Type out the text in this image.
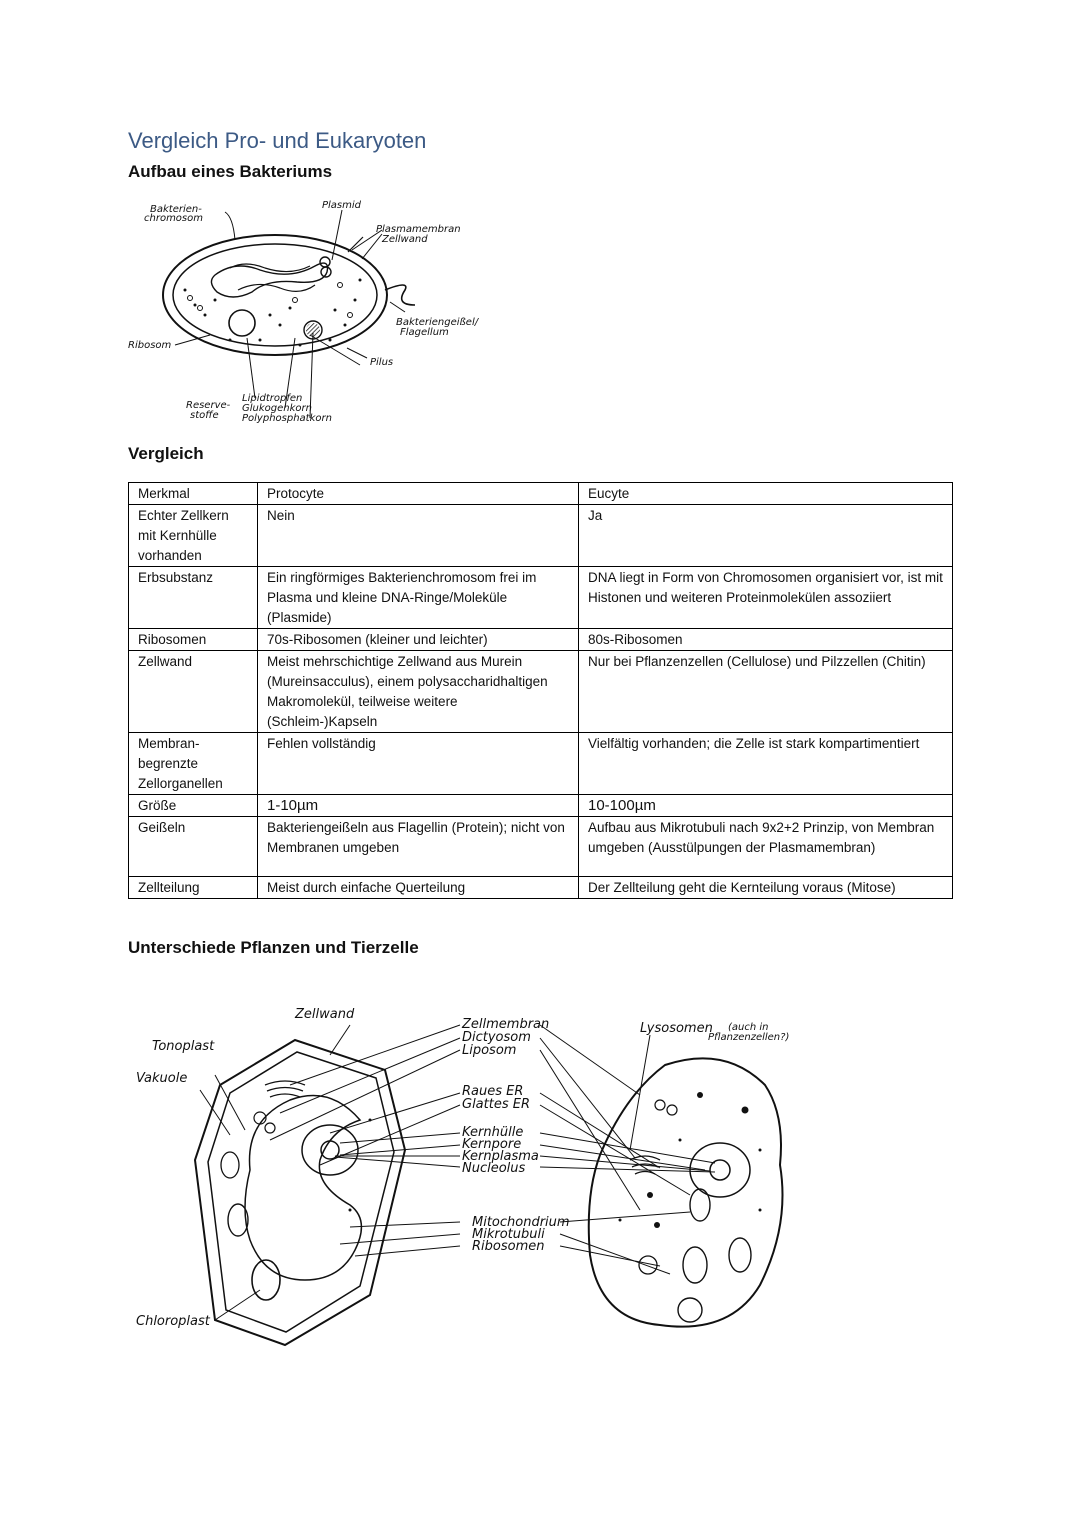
Vergleich Pro- und Eukaryoten
Aufbau eines Bakteriums
Bakterien-
chromosom
Plasmid
Plasmamembran
Zellwand
Bakteriengeißel/
Flagellum
Ribosom
Pilus
Reserve-
stoffe
Lipidtropfen
Glukogenkorn
Polyphosphatkorn
Vergleich
Merkmal	Protocyte	Eucyte
Echter Zellkern mit Kernhülle vorhanden	Nein	Ja
Erbsubstanz	Ein ringförmiges Bakterienchromosom frei im Plasma und kleine DNA-Ringe/Moleküle (Plasmide)	DNA liegt in Form von Chromosomen organisiert vor, ist mit Histonen und weiteren Proteinmolekülen assoziiert
Ribosomen	70s-Ribosomen (kleiner und leichter)	80s-Ribosomen
Zellwand	Meist mehrschichtige Zellwand aus Murein (Mureinsacculus), einem polysaccharidhaltigen Makromolekül, teilweise weitere (Schleim-)Kapseln	Nur bei Pflanzenzellen (Cellulose) und Pilzzellen (Chitin)
Membran-begrenzte Zellorganellen	Fehlen vollständig	Vielfältig vorhanden; die Zelle ist stark kompartimentiert
Größe	1-10µm	10-100µm
Geißeln	Bakteriengeißeln aus Flagellin (Protein); nicht von Membranen umgeben	Aufbau aus Mikrotubuli nach 9x2+2 Prinzip, von Membran umgeben (Ausstülpungen der Plasmamembran)
Zellteilung	Meist durch einfache Querteilung	Der Zellteilung geht die Kernteilung voraus (Mitose)
Unterschiede Pflanzen und Tierzelle
Zellwand
Tonoplast
Vakuole
Chloroplast
Zellmembran
Dictyosom
Liposom
Raues ER
Glattes ER
Kernhülle
Kernpore
Kernplasma
Nucleolus
Mitochondrium
Mikrotubuli
Ribosomen
Lysosomen (auch in
Pflanzenzellen?)
